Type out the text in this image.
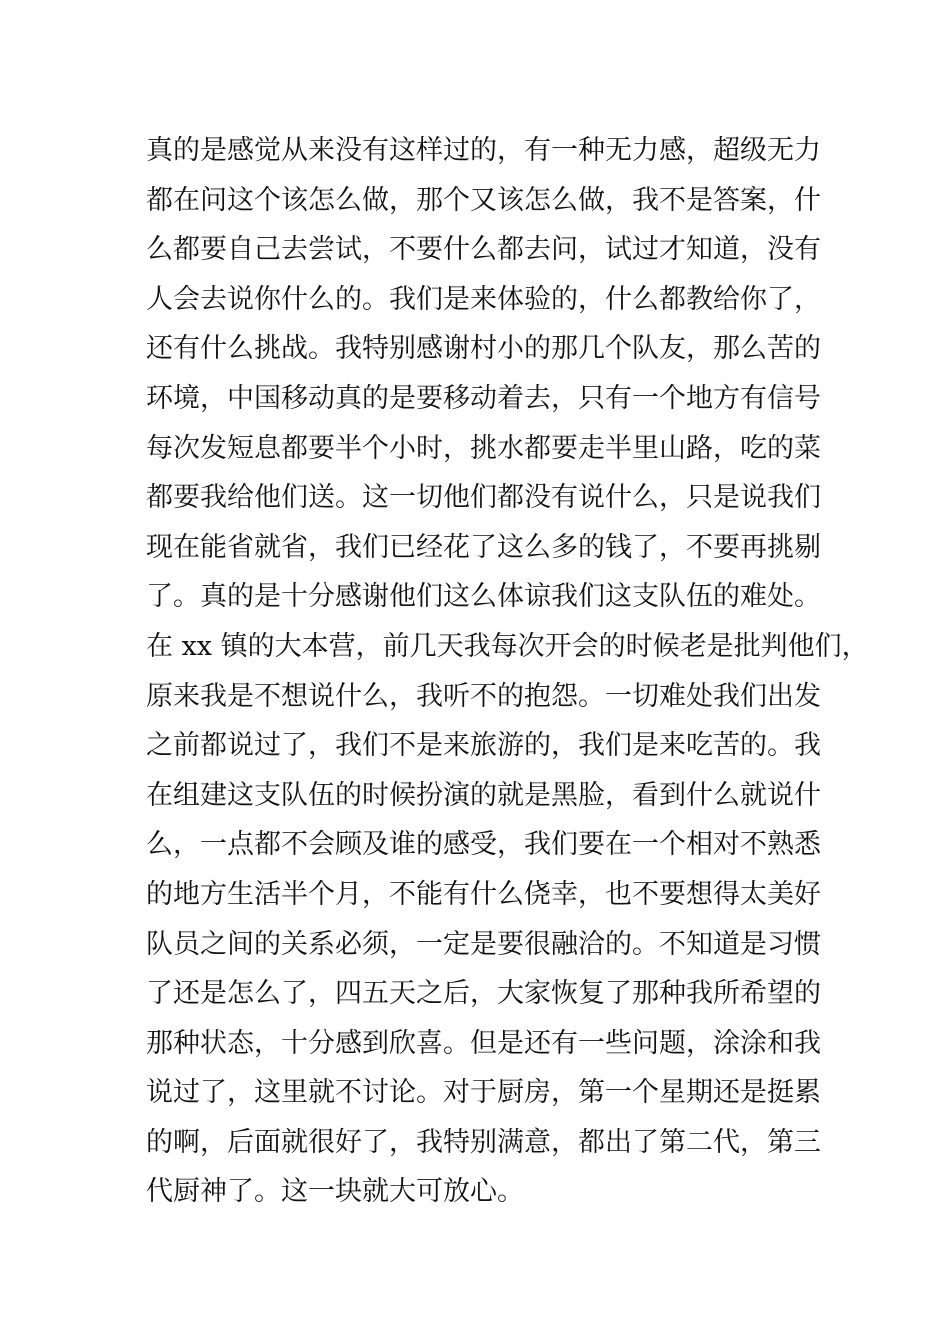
真的是感觉从来没有这样过的，有一种无力感，超级无力
都在问这个该怎么做，那个又该怎么做，我不是答案，什
么都要自己去尝试，不要什么都去问，试过才知道，没有
人会去说你什么的。我们是来体验的，什么都教给你了，
还有什么挑战。我特别感谢村小的那几个队友，那么苦的
环境，中国移动真的是要移动着去，只有一个地方有信号
每次发短息都要半个小时，挑水都要走半里山路，吃的菜
都要我给他们送。这一切他们都没有说什么，只是说我们
现在能省就省，我们已经花了这么多的钱了，不要再挑剔
了。真的是十分感谢他们这么体谅我们这支队伍的难处。
在 xx 镇的大本营，前几天我每次开会的时候老是批判他们，
原来我是不想说什么，我听不的抱怨。一切难处我们出发
之前都说过了，我们不是来旅游的，我们是来吃苦的。我
在组建这支队伍的时候扮演的就是黑脸，看到什么就说什
么，一点都不会顾及谁的感受，我们要在一个相对不熟悉
的地方生活半个月，不能有什么侥幸，也不要想得太美好
队员之间的关系必须，一定是要很融洽的。不知道是习惯
了还是怎么了，四五天之后，大家恢复了那种我所希望的
那种状态，十分感到欣喜。但是还有一些问题，涂涂和我
说过了，这里就不讨论。对于厨房，第一个星期还是挺累
的啊，后面就很好了，我特别满意，都出了第二代，第三
代厨神了。这一块就大可放心。
